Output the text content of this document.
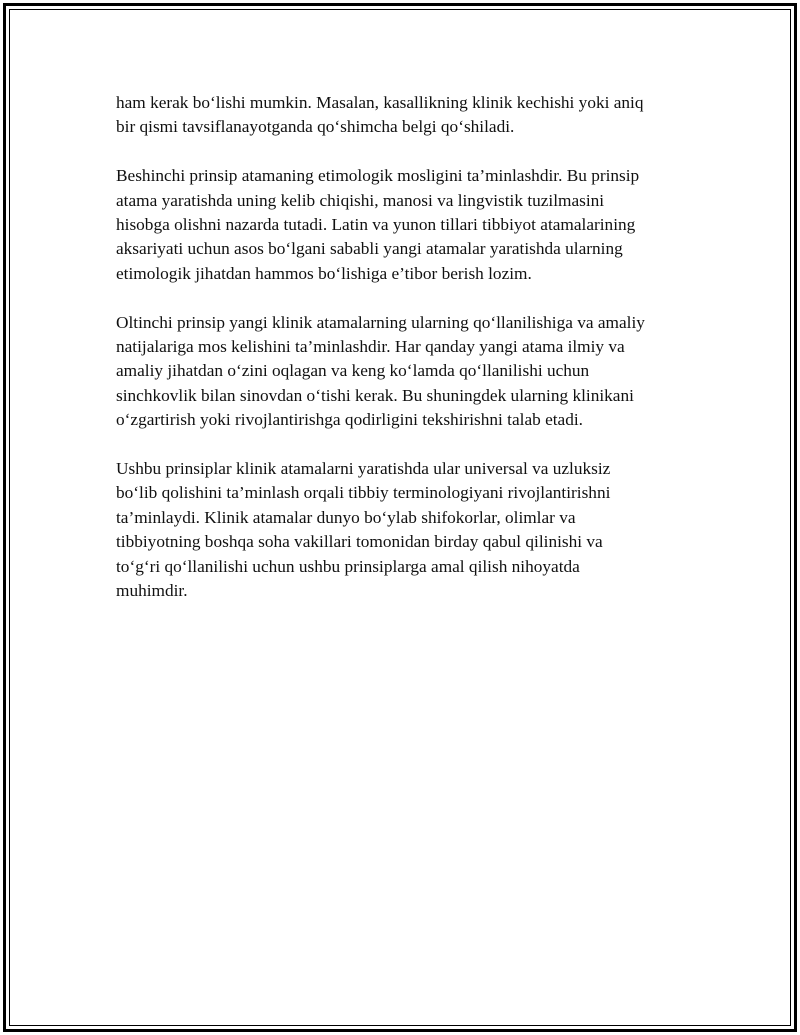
ham kerak bo‘lishi mumkin. Masalan, kasallikning klinik kechishi yoki aniq
bir qismi tavsiflanayotganda qo‘shimcha belgi qo‘shiladi.

Beshinchi prinsip atamaning etimologik mosligini ta’minlashdir. Bu prinsip
atama yaratishda uning kelib chiqishi, manosi va lingvistik tuzilmasini
hisobga olishni nazarda tutadi. Latin va yunon tillari tibbiyot atamalarining
aksariyati uchun asos bo‘lgani sababli yangi atamalar yaratishda ularning
etimologik jihatdan hammos bo‘lishiga e’tibor berish lozim.

Oltinchi prinsip yangi klinik atamalarning ularning qo‘llanilishiga va amaliy
natijalariga mos kelishini ta’minlashdir. Har qanday yangi atama ilmiy va
amaliy jihatdan o‘zini oqlagan va keng ko‘lamda qo‘llanilishi uchun
sinchkovlik bilan sinovdan o‘tishi kerak. Bu shuningdek ularning klinikani
o‘zgartirish yoki rivojlantirishga qodirligini tekshirishni talab etadi.

Ushbu prinsiplar klinik atamalarni yaratishda ular universal va uzluksiz
bo‘lib qolishini ta’minlash orqali tibbiy terminologiyani rivojlantirishni
ta’minlaydi. Klinik atamalar dunyo bo‘ylab shifokorlar, olimlar va
tibbiyotning boshqa soha vakillari tomonidan birday qabul qilinishi va
to‘g‘ri qo‘llanilishi uchun ushbu prinsiplarga amal qilish nihoyatda
muhimdir.
